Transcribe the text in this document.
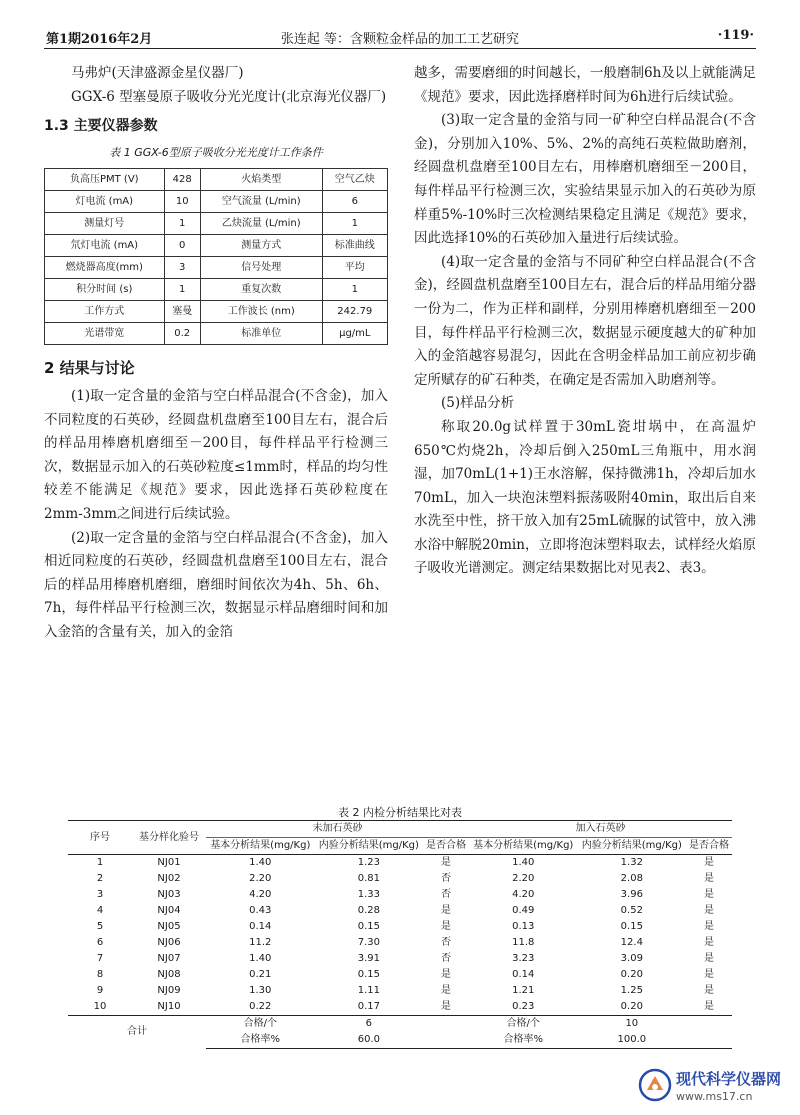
第1期2016年2月	张连起 等：含颗粒金样品的加工工艺研究	·119·

马弗炉(天津盛源金星仪器厂)

GGX-6 型塞曼原子吸收分光光度计(北京海光仪器厂)

1.3 主要仪器参数
表 1 GGX-6型原子吸收分光光度计工作条件
负高压PMT (V)	428	火焰类型	空气乙炔
灯电流 (mA)	10	空气流量 (L/min)	6
测量灯号	1	乙炔流量 (L/min)	1
氘灯电流 (mA)	0	测量方式	标准曲线
燃烧器高度(mm)	3	信号处理	平均
积分时间 (s)	1	重复次数	1
工作方式	塞曼	工作波长 (nm)	242.79
光谱带宽	0.2	标准单位	μg/mL
2 结果与讨论

(1)取一定含量的金箔与空白样品混合(不含金)，加入不同粒度的石英砂，经圆盘机盘磨至100目左右，混合后的样品用棒磨机磨细至－200目，每件样品平行检测三次，数据显示加入的石英砂粒度≤1mm时，样品的均匀性较差不能满足《规范》要求，因此选择石英砂粒度在2mm-3mm之间进行后续试验。

(2)取一定含量的金箔与空白样品混合(不含金)，加入相近同粒度的石英砂，经圆盘机盘磨至100目左右，混合后的样品用棒磨机磨细，磨细时间依次为4h、5h、6h、7h，每件样品平行检测三次，数据显示样品磨细时间和加入金箔的含量有关，加入的金箔

越多，需要磨细的时间越长，一般磨制6h及以上就能满足《规范》要求，因此选择磨样时间为6h进行后续试验。

(3)取一定含量的金箔与同一矿种空白样品混合(不含金)，分别加入10%、5%、2%的高纯石英粒做助磨剂，经圆盘机盘磨至100目左右，用棒磨机磨细至－200目，每件样品平行检测三次，实验结果显示加入的石英砂为原样重5%-10%时三次检测结果稳定且满足《规范》要求，因此选择10%的石英砂加入量进行后续试验。

(4)取一定含量的金箔与不同矿种空白样品混合(不含金)，经圆盘机盘磨至100目左右，混合后的样品用缩分器一份为二，作为正样和副样，分别用棒磨机磨细至－200目，每件样品平行检测三次，数据显示硬度越大的矿种加入的金箔越容易混匀，因此在含明金样品加工前应初步确定所赋存的矿石种类，在确定是否需加入助磨剂等。

(5)样品分析

称取20.0g试样置于30mL瓷坩埚中，在高温炉650℃灼烧2h，冷却后倒入250mL三角瓶中，用水润湿，加70mL(1+1)王水溶解，保持微沸1h，冷却后加水70mL，加入一块泡沫塑料振荡吸附40min，取出后自来水洗至中性，挤干放入加有25mL硫脲的试管中，放入沸水浴中解脱20min，立即将泡沫塑料取去，试样经火焰原子吸收光谱测定。测定结果数据比对见表2、表3。

表 2 内检分析结果比对表
序号	基分样化验号	未加石英砂			加入石英砂		
		基本分析结果(mg/Kg)	内验分析结果(mg/Kg)	是否合格	基本分析结果(mg/Kg)	内验分析结果(mg/Kg)	是否合格
1	NJ01	1.40	1.23	是	1.40	1.32	是
2	NJ02	2.20	0.81	否	2.20	2.08	是
3	NJ03	4.20	1.33	否	4.20	3.96	是
4	NJ04	0.43	0.28	是	0.49	0.52	是
5	NJ05	0.14	0.15	是	0.13	0.15	是
6	NJ06	11.2	7.30	否	11.8	12.4	是
7	NJ07	1.40	3.91	否	3.23	3.09	是
8	NJ08	0.21	0.15	是	0.14	0.20	是
9	NJ09	1.30	1.11	是	1.21	1.25	是
10	NJ10	0.22	0.17	是	0.23	0.20	是
合计		合格/个	6		合格/个	10	
		合格率%	60.0		合格率%	100.0	
现代科学仪器网
www.ms17.cn
